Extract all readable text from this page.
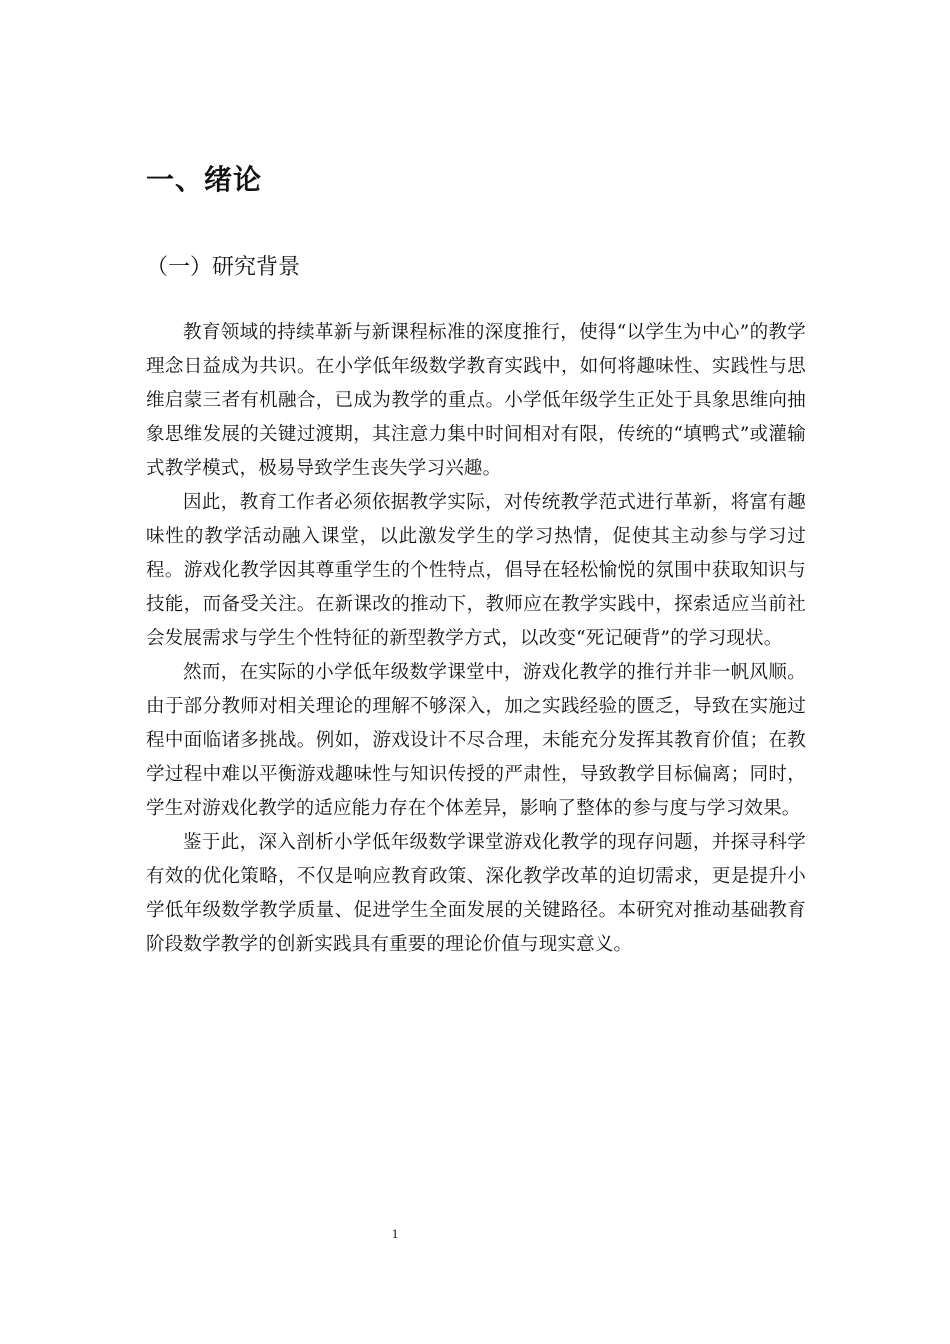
一、绪论
（一）研究背景

教育领域的持续革新与新课程标准的深度推行，使得“以学生为中心”的教学理念日益成为共识。在小学低年级数学教育实践中，如何将趣味性、实践性与思维启蒙三者有机融合，已成为教学的重点。小学低年级学生正处于具象思维向抽象思维发展的关键过渡期，其注意力集中时间相对有限，传统的“填鸭式”或灌输式教学模式，极易导致学生丧失学习兴趣。

因此，教育工作者必须依据教学实际，对传统教学范式进行革新，将富有趣味性的教学活动融入课堂，以此激发学生的学习热情，促使其主动参与学习过程。游戏化教学因其尊重学生的个性特点，倡导在轻松愉悦的氛围中获取知识与技能，而备受关注。在新课改的推动下，教师应在教学实践中，探索适应当前社会发展需求与学生个性特征的新型教学方式，以改变“死记硬背”的学习现状。

然而，在实际的小学低年级数学课堂中，游戏化教学的推行并非一帆风顺。由于部分教师对相关理论的理解不够深入，加之实践经验的匮乏，导致在实施过程中面临诸多挑战。例如，游戏设计不尽合理，未能充分发挥其教育价值；在教学过程中难以平衡游戏趣味性与知识传授的严肃性，导致教学目标偏离；同时，学生对游戏化教学的适应能力存在个体差异，影响了整体的参与度与学习效果。

鉴于此，深入剖析小学低年级数学课堂游戏化教学的现存问题，并探寻科学有效的优化策略，不仅是响应教育政策、深化教学改革的迫切需求，更是提升小学低年级数学教学质量、促进学生全面发展的关键路径。本研究对推动基础教育阶段数学教学的创新实践具有重要的理论价值与现实意义。

1
